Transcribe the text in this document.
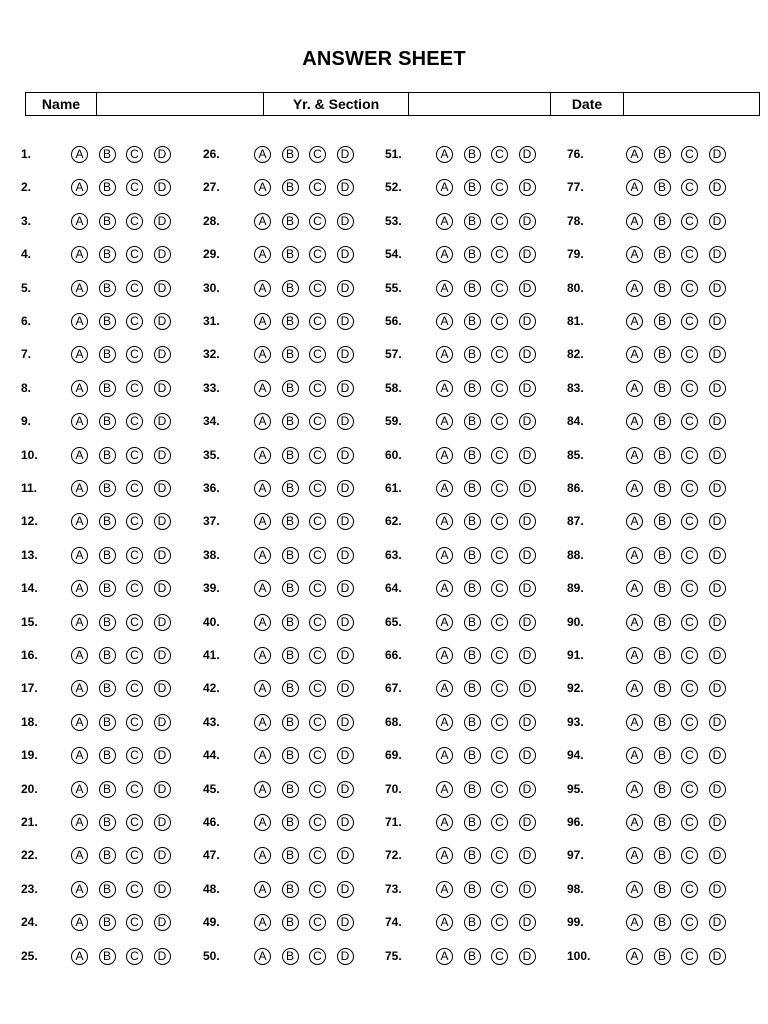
ANSWER SHEET
Name		Yr. & Section		Date	
1.	A	B	C	D
2.	A	B	C	D
3.	A	B	C	D
4.	A	B	C	D
5.	A	B	C	D
6.	A	B	C	D
7.	A	B	C	D
8.	A	B	C	D
9.	A	B	C	D
10.	A	B	C	D
11.	A	B	C	D
12.	A	B	C	D
13.	A	B	C	D
14.	A	B	C	D
15.	A	B	C	D
16.	A	B	C	D
17.	A	B	C	D
18.	A	B	C	D
19.	A	B	C	D
20.	A	B	C	D
21.	A	B	C	D
22.	A	B	C	D
23.	A	B	C	D
24.	A	B	C	D
25.	A	B	C	D
26.	A	B	C	D
27.	A	B	C	D
28.	A	B	C	D
29.	A	B	C	D
30.	A	B	C	D
31.	A	B	C	D
32.	A	B	C	D
33.	A	B	C	D
34.	A	B	C	D
35.	A	B	C	D
36.	A	B	C	D
37.	A	B	C	D
38.	A	B	C	D
39.	A	B	C	D
40.	A	B	C	D
41.	A	B	C	D
42.	A	B	C	D
43.	A	B	C	D
44.	A	B	C	D
45.	A	B	C	D
46.	A	B	C	D
47.	A	B	C	D
48.	A	B	C	D
49.	A	B	C	D
50.	A	B	C	D
51.	A	B	C	D
52.	A	B	C	D
53.	A	B	C	D
54.	A	B	C	D
55.	A	B	C	D
56.	A	B	C	D
57.	A	B	C	D
58.	A	B	C	D
59.	A	B	C	D
60.	A	B	C	D
61.	A	B	C	D
62.	A	B	C	D
63.	A	B	C	D
64.	A	B	C	D
65.	A	B	C	D
66.	A	B	C	D
67.	A	B	C	D
68.	A	B	C	D
69.	A	B	C	D
70.	A	B	C	D
71.	A	B	C	D
72.	A	B	C	D
73.	A	B	C	D
74.	A	B	C	D
75.	A	B	C	D
76.	A	B	C	D
77.	A	B	C	D
78.	A	B	C	D
79.	A	B	C	D
80.	A	B	C	D
81.	A	B	C	D
82.	A	B	C	D
83.	A	B	C	D
84.	A	B	C	D
85.	A	B	C	D
86.	A	B	C	D
87.	A	B	C	D
88.	A	B	C	D
89.	A	B	C	D
90.	A	B	C	D
91.	A	B	C	D
92.	A	B	C	D
93.	A	B	C	D
94.	A	B	C	D
95.	A	B	C	D
96.	A	B	C	D
97.	A	B	C	D
98.	A	B	C	D
99.	A	B	C	D
100.	A	B	C	D
